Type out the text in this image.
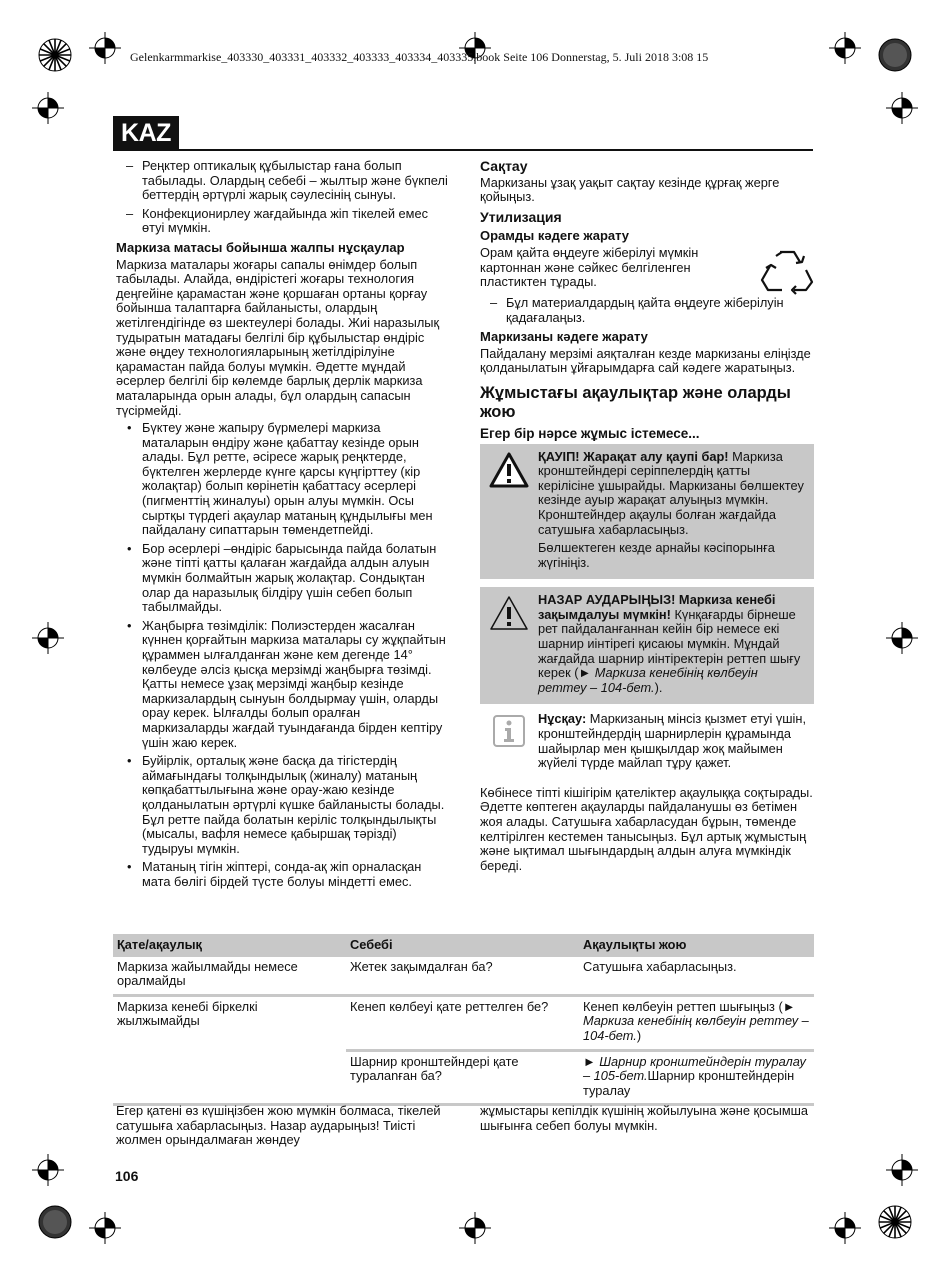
Gelenkarmmarkise_403330_403331_403332_403333_403334_403335.book Seite 106 Donnerstag, 5. Juli 2018 3:08 15
KAZ
– Реңктер оптикалық құбылыстар ғана болып табылады. Олардың себебі – жылтыр және бүкпелі беттердің әртүрлі жарық сәулесінің сынуы.
– Конфекционирлеу жағдайында жіп тікелей емес өтуі мүмкін.
Маркиза матасы бойынша жалпы нұсқаулар

Маркиза маталары жоғары сапалы өнімдер болып табылады. Алайда, өндірістегі жоғары технология деңгейіне қарамастан және қоршаған ортаны қорғау бойынша талаптарға байланысты, олардың жетілгендігінде өз шектеулері болады. Жиі наразылық тудыратын матадағы белгілі бір құбылыстар өндіріс және өңдеу технологияларының жетілдірілуіне қарамастан пайда болуы мүмкін. Әдетте мұндай әсерлер белгілі бір көлемде барлық дерлік маркиза маталарында орын алады, бұл олардың сапасын түсірмейді.

• Бүктеу және жапыру бүрмелері маркиза маталарын өндіру және қабаттау кезінде орын алады. Бұл ретте, әсіресе жарық реңктерде, бүктелген жерлерде күнге қарсы күңгірттеу (кір жолақтар) болып көрінетін қабаттасу әсерлері (пигменттің жиналуы) орын алуы мүмкін. Осы сыртқы түрдегі ақаулар матаның құндылығы мен пайдалану сипаттарын төмендетпейді.
• Бор әсерлері –өндіріс барысында пайда болатын және тіпті қатты қалаған жағдайда алдын алуын мүмкін болмайтын жарық жолақтар. Сондықтан олар да наразылық білдіру үшін себеп болып табылмайды.
• Жаңбырға төзімділік: Полиэстерден жасалған күннен қорғайтын маркиза маталары су жұқпайтын құраммен ылғалданған және кем дегенде 14° көлбеуде әлсіз қысқа мерзімді жаңбырға төзімді. Қатты немесе ұзақ мерзімді жаңбыр кезінде маркизалардың сынуын болдырмау үшін, оларды орау керек. Ылғалды болып оралған маркизаларды жағдай туындағанда бірден кептіру үшін жаю керек.
• Буйірлік, орталық және басқа да тігістердің аймағындағы толқындылық (жиналу) матаның көпқабаттылығына және орау-жаю кезінде қолданылатын әртүрлі күшке байланысты болады. Бұл ретте пайда болатын керіліс толқындылықты (мысалы, вафля немесе қабыршақ тәрізді) тудыруы мүмкін.
• Матаның тігін жіптері, сонда-ақ жіп орналасқан мата бөлігі бірдей түсте болуы міндетті емес.
Сақтау

Маркизаны ұзақ уақыт сақтау кезінде құрғақ жерге қойыңыз.

Утилизация
Орамды кәдеге жарату

Орам қайта өңдеуге жіберілуі мүмкін картоннан және сәйкес белгіленген пластиктен тұрады.

– Бұл материалдардың қайта өңдеуге жіберілуін қадағалаңыз.
Маркизаны кәдеге жарату

Пайдалану мерзімі аяқталған кезде маркизаны еліңізде қолданылатын ұйғарымдарға сай кәдеге жаратыңыз.

Жұмыстағы ақаулықтар және оларды жою
Егер бір нәрсе жұмыс істемесе...

ҚАУІП! Жарақат алу қаупі бар! Маркиза кронштейндері серіппелердің қатты керілісіне ұшырайды. Маркизаны бөлшектеу кезінде ауыр жарақат алуыңыз мүмкін. Кронштейндер ақаулы болған жағдайда сатушыға хабарласыңыз.

Бөлшектеген кезде арнайы кәсіпорынға жүгініңіз.

НАЗАР АУДАРЫҢЫЗ! Маркиза кенебі зақымдалуы мүмкін! Күнқағарды бірнеше рет пайдаланғаннан кейін бір немесе екі шарнир иінтірегі қисаюы мүмкін. Мұндай жағдайда шарнир иінтіректерін реттеп шығу керек (► Маркиза кенебінің көлбеуін реттеу – 104-бет.).

Нұсқау: Маркизаның мінсіз қызмет етуі үшін, кронштейндердің шарнирлерін құрамында шайырлар мен қышқылдар жоқ майымен жүйелі түрде майлап тұру қажет.

Көбінесе тіпті кішігірім қателіктер ақаулыққа соқтырады. Әдетте көптеген ақауларды пайдаланушы өз бетімен жоя алады. Сатушыға хабарласудан бұрын, төменде келтірілген кестемен танысыңыз. Бұл артық жұмыстың және ықтимал шығындардың алдын алуға мүмкіндік береді.

Қате/ақаулық	Себебі	Ақаулықты жою
Маркиза жайылмайды немесе оралмайды	Жетек зақымдалған ба?	Сатушыға хабарласыңыз.
Маркиза кенебі біркелкі жылжымайды	Кенеп көлбеуі қате реттелген бе?	Кенеп көлбеуін реттеп шығыңыз (► Маркиза кенебінің көлбеуін реттеу – 104-бет.)
	Шарнир кронштейндері қате туралanған ба?	► Шарнир кронштейндерін туралау – 105-бет.Шарнир кронштейндерін туралау
Егер қатені өз күшіңізбен жою мүмкін болмаса, тікелей сатушыға хабарласыңыз. Назар аударыңыз! Тиісті жолмен орындалмаған жөндеу
жұмыстары кепілдік күшінің жойылуына және қосымша шығынға себеп болуы мүмкін.
106
